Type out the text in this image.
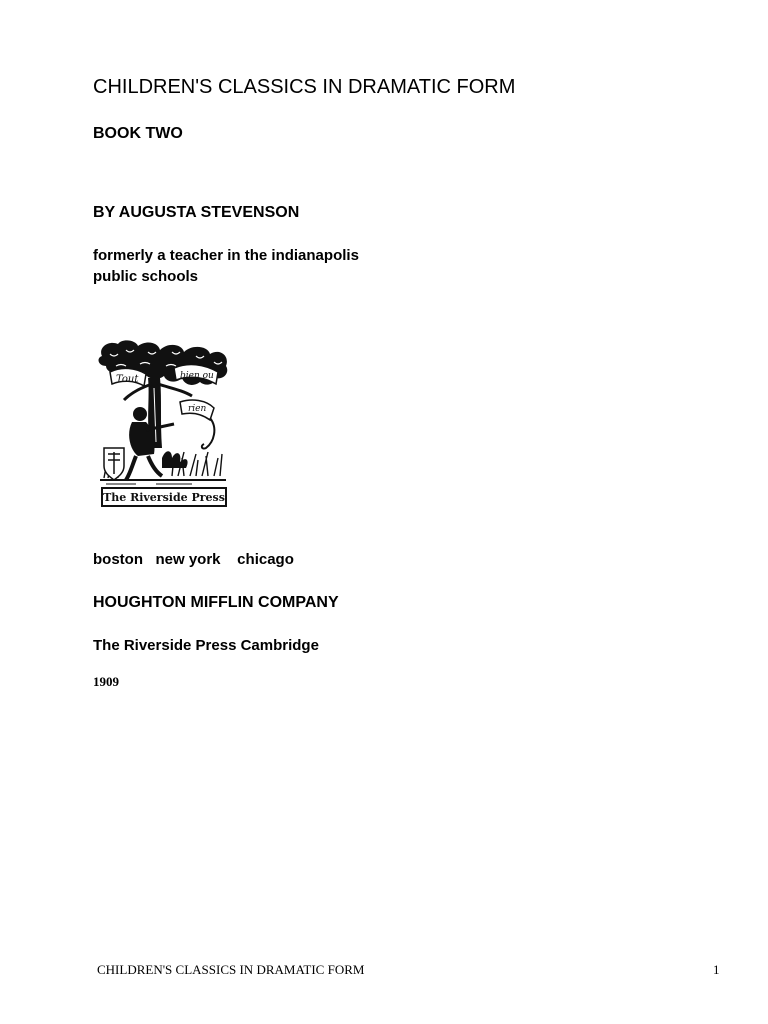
CHILDREN'S CLASSICS IN DRAMATIC FORM
BOOK TWO
BY AUGUSTA STEVENSON
formerly a teacher in the indianapolis
public schools
Tout	bien ou
rien
The Riverside Press
boston   new york    chicago
HOUGHTON MIFFLIN COMPANY
The Riverside Press Cambridge
1909
CHILDREN'S CLASSICS IN DRAMATIC FORM	1
